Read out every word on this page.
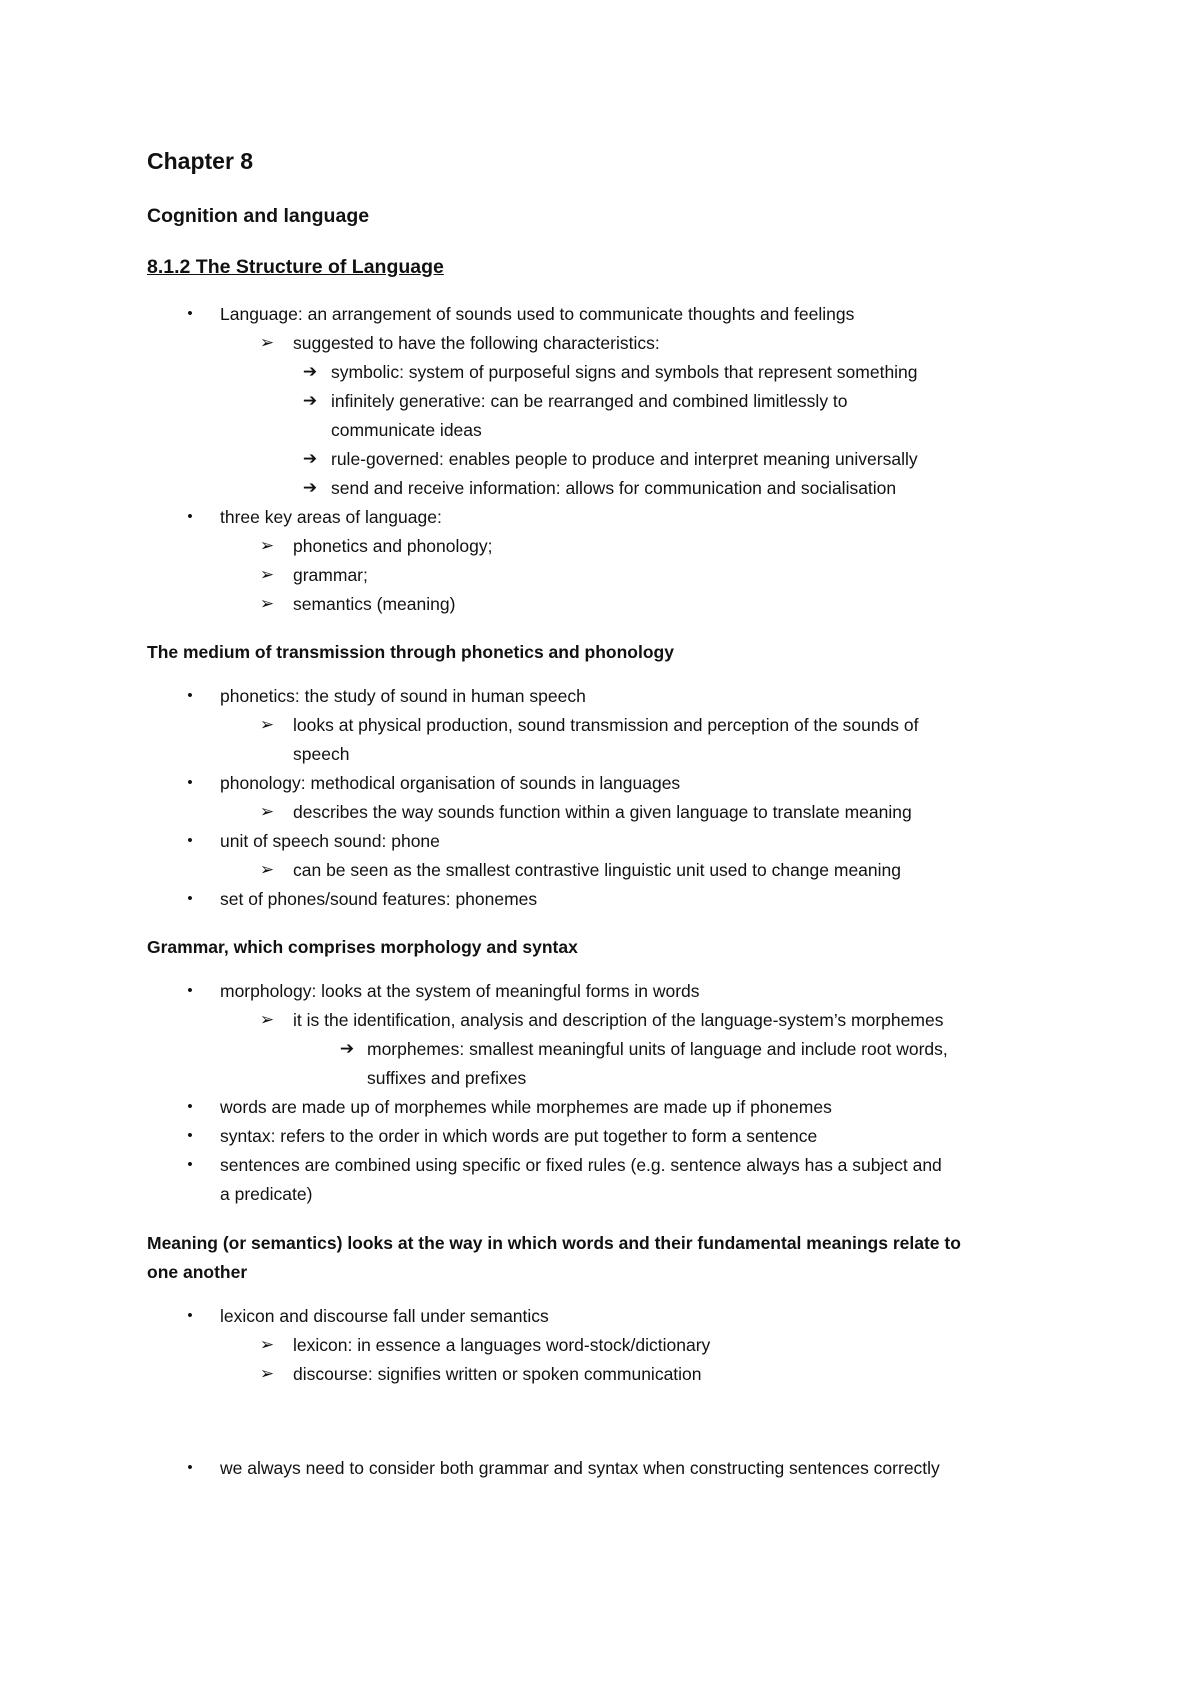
Chapter 8
Cognition and language
8.1.2 The Structure of Language
•	Language: an arrangement of sounds used to communicate thoughts and feelings
➢ suggested to have the following characteristics:
➔ symbolic: system of purposeful signs and symbols that represent something
➔ infinitely generative: can be rearranged and combined limitlessly to
communicate ideas
➔ rule-governed: enables people to produce and interpret meaning universally
➔ send and receive information: allows for communication and socialisation
•	three key areas of language:
➢ phonetics and phonology;
➢ grammar;
➢ semantics (meaning)
The medium of transmission through phonetics and phonology
•	phonetics: the study of sound in human speech
➢ looks at physical production, sound transmission and perception of the sounds of
speech
•	phonology: methodical organisation of sounds in languages
➢ describes the way sounds function within a given language to translate meaning
•	unit of speech sound: phone
➢ can be seen as the smallest contrastive linguistic unit used to change meaning
•	set of phones/sound features: phonemes
Grammar, which comprises morphology and syntax
•	morphology: looks at the system of meaningful forms in words
➢ it is the identification, analysis and description of the language-system’s morphemes
➔ morphemes: smallest meaningful units of language and include root words,
suffixes and prefixes
•	words are made up of morphemes while morphemes are made up if phonemes
•	syntax: refers to the order in which words are put together to form a sentence
•	sentences are combined using specific or fixed rules (e.g. sentence always has a subject and
a predicate)
Meaning (or semantics) looks at the way in which words and their fundamental meanings relate to
one another
•	lexicon and discourse fall under semantics
➢ lexicon: in essence a languages word-stock/dictionary
➢ discourse: signifies written or spoken communication
•	we always need to consider both grammar and syntax when constructing sentences correctly
